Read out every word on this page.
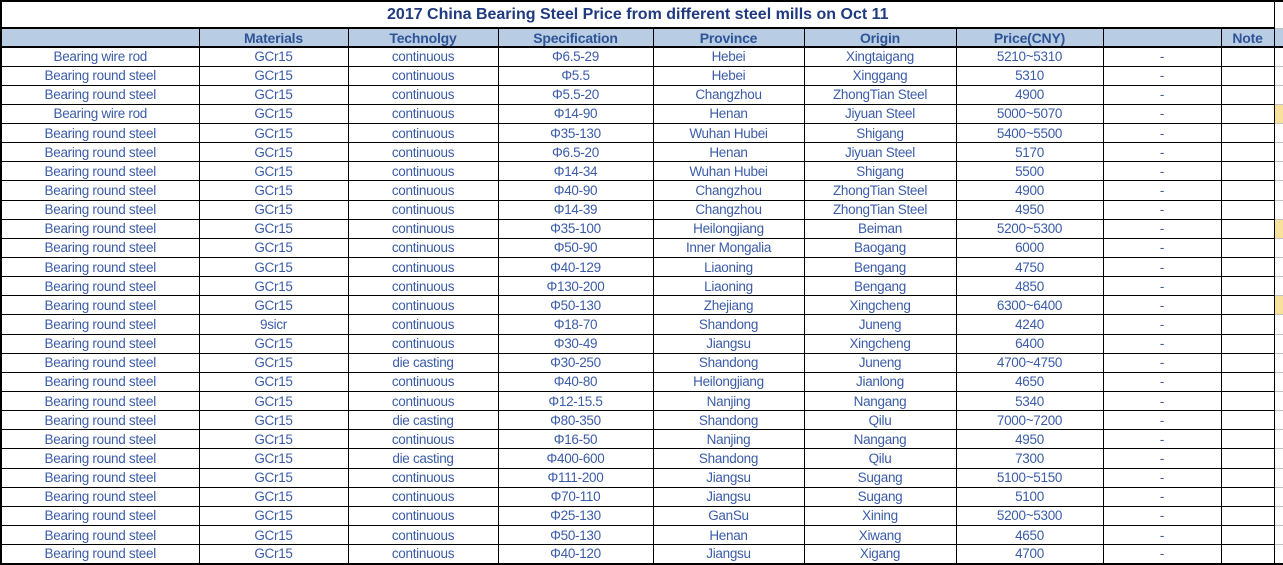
2017 China Bearing Steel Price from different steel mills on Oct 11									
	Materials	Technolgy	Specification	Province	Origin	Price(CNY)		Note	
Bearing wire rod	GCr15	continuous	Φ6.5-29	Hebei	Xingtaigang	5210~5310	-		
Bearing round steel	GCr15	continuous	Φ5.5	Hebei	Xinggang	5310	-		
Bearing round steel	GCr15	continuous	Φ5.5-20	Changzhou	ZhongTian Steel	4900	-		
Bearing wire rod	GCr15	continuous	Φ14-90	Henan	Jiyuan Steel	5000~5070	-		
Bearing round steel	GCr15	continuous	Φ35-130	Wuhan Hubei	Shigang	5400~5500	-		
Bearing round steel	GCr15	continuous	Φ6.5-20	Henan	Jiyuan Steel	5170	-		
Bearing round steel	GCr15	continuous	Φ14-34	Wuhan Hubei	Shigang	5500	-		
Bearing round steel	GCr15	continuous	Φ40-90	Changzhou	ZhongTian Steel	4900	-		
Bearing round steel	GCr15	continuous	Φ14-39	Changzhou	ZhongTian Steel	4950	-		
Bearing round steel	GCr15	continuous	Φ35-100	Heilongjiang	Beiman	5200~5300	-		
Bearing round steel	GCr15	continuous	Φ50-90	Inner Mongalia	Baogang	6000	-		
Bearing round steel	GCr15	continuous	Φ40-129	Liaoning	Bengang	4750	-		
Bearing round steel	GCr15	continuous	Φ130-200	Liaoning	Bengang	4850	-		
Bearing round steel	GCr15	continuous	Φ50-130	Zhejiang	Xingcheng	6300~6400	-		
Bearing round steel	9sicr	continuous	Φ18-70	Shandong	Juneng	4240	-		
Bearing round steel	GCr15	continuous	Φ30-49	Jiangsu	Xingcheng	6400	-		
Bearing round steel	GCr15	die casting	Φ30-250	Shandong	Juneng	4700~4750	-		
Bearing round steel	GCr15	continuous	Φ40-80	Heilongjiang	Jianlong	4650	-		
Bearing round steel	GCr15	continuous	Φ12-15.5	Nanjing	Nangang	5340	-		
Bearing round steel	GCr15	die casting	Φ80-350	Shandong	Qilu	7000~7200	-		
Bearing round steel	GCr15	continuous	Φ16-50	Nanjing	Nangang	4950	-		
Bearing round steel	GCr15	die casting	Φ400-600	Shandong	Qilu	7300	-		
Bearing round steel	GCr15	continuous	Φ111-200	Jiangsu	Sugang	5100~5150	-		
Bearing round steel	GCr15	continuous	Φ70-110	Jiangsu	Sugang	5100	-		
Bearing round steel	GCr15	continuous	Φ25-130	GanSu	Xining	5200~5300	-		
Bearing round steel	GCr15	continuous	Φ50-130	Henan	Xiwang	4650	-		
Bearing round steel	GCr15	continuous	Φ40-120	Jiangsu	Xigang	4700	-		
